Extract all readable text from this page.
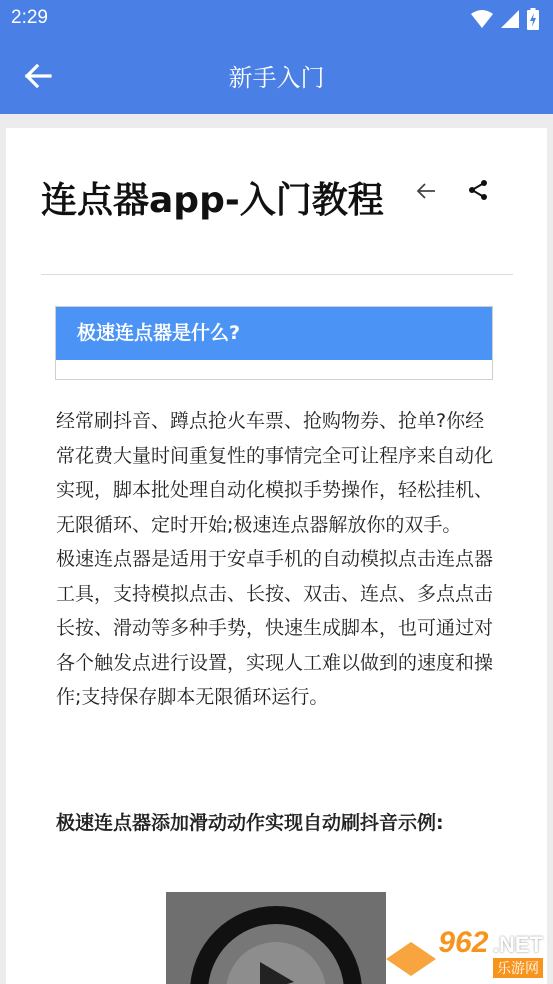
2:29
新手入门
连点器app-入门教程
极速连点器是什么?

经常刷抖音、蹲点抢火车票、抢购物券、抢单?你经常花费大量时间重复性的事情完全可让程序来自动化实现，脚本批处理自动化模拟手势操作，轻松挂机、无限循环、定时开始;极速连点器解放你的双手。

极速连点器是适用于安卓手机的自动模拟点击连点器工具，支持模拟点击、长按、双击、连点、多点点击长按、滑动等多种手势，快速生成脚本，也可通过对各个触发点进行设置，实现人工难以做到的速度和操作;支持保存脚本无限循环运行。

极速连点器添加滑动动作实现自动刷抖音示例:
962 .NET
乐游网
